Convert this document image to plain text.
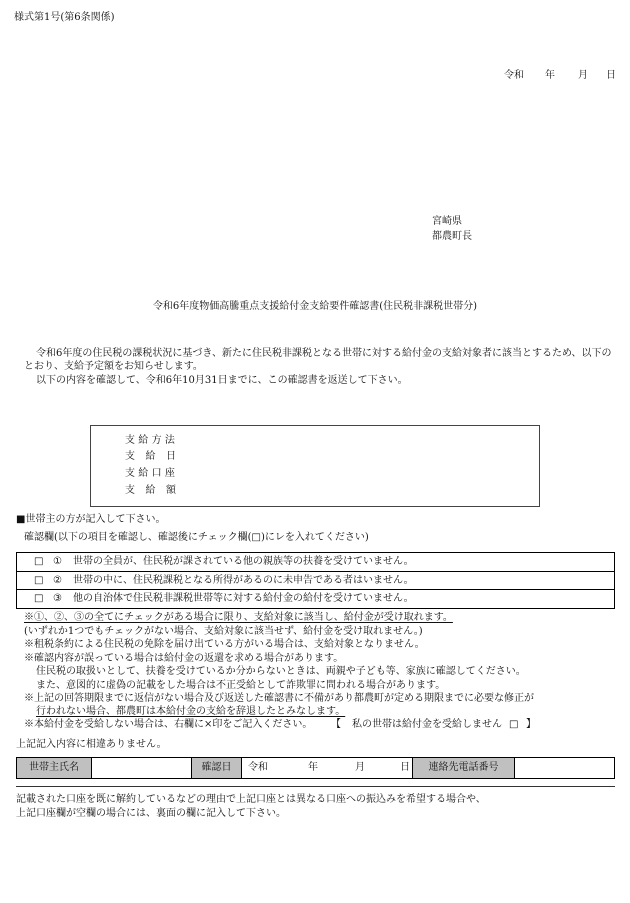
様式第1号(第6条関係)
令和 年 月 日
宮崎県
都農町長
令和6年度物価高騰重点支援給付金支給要件確認書(住民税非課税世帯分)
令和6年度の住民税の課税状況に基づき、新たに住民税非課税となる世帯に対する給付金の支給対象者に該当とするため、以下の
とおり、支給予定額をお知らせします。
以下の内容を確認して、令和6年10月31日までに、この確認書を返送して下さい。
支給方法
支給日
支給口座
支給額
■世帯主の方が記入して下さい。
確認欄(以下の項目を確認し、確認後にチェック欄(□)にレを入れてください)
□ ① 世帯の全員が、住民税が課されている他の親族等の扶養を受けていません。
□ ② 世帯の中に、住民税課税となる所得があるのに未申告である者はいません。
□ ③ 他の自治体で住民税非課税世帯等に対する給付金の給付を受けていません。
※①、②、③の全てにチェックがある場合に限り、支給対象に該当し、給付金が受け取れます。
(いずれか1つでもチェックがない場合、支給対象に該当せず、給付金を受け取れません。)
※租税条約による住民税の免除を届け出ている方がいる場合は、支給対象となりません。
※確認内容が誤っている場合は給付金の返還を求める場合があります。
住民税の取扱いとして、扶養を受けているか分からないときは、両親や子ども等、家族に確認してください。
また、意図的に虚偽の記載をした場合は不正受給として詐欺罪に問われる場合があります。
※上記の回答期限までに返信がない場合及び返送した確認書に不備があり都農町が定める期限までに必要な修正が
行われない場合、都農町は本給付金の支給を辞退したとみなします。
※本給付金を受給しない場合は、右欄に×印をご記入ください。 【 私の世帯は給付金を受給しません □ 】
上記記入内容に相違ありません。
世帯主氏名	確認日	令和	年	月	日	連絡先電話番号
記載された口座を既に解約しているなどの理由で上記口座とは異なる口座への振込みを希望する場合や、
上記口座欄が空欄の場合には、裏面の欄に記入して下さい。
